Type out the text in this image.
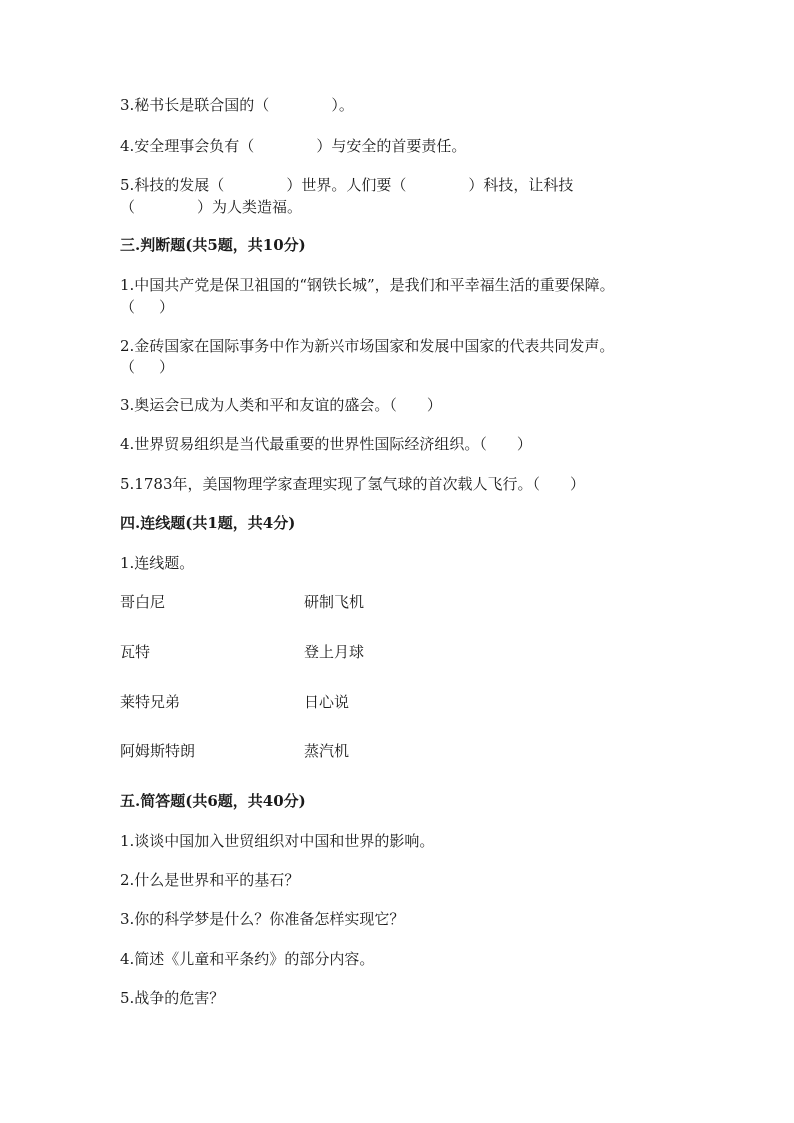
3.秘书长是联合国的（	）。
4.安全理事会负有（	）与安全的首要责任。
5.科技的发展（	）世界。人们要（	）科技，让科技
（	）为人类造福。
三.判断题(共5题，共10分)
1.中国共产党是保卫祖国的“钢铁长城”，是我们和平幸福生活的重要保障。
（ ）
2.金砖国家在国际事务中作为新兴市场国家和发展中国家的代表共同发声。
（ ）
3.奥运会已成为人类和平和友谊的盛会。（ ）
4.世界贸易组织是当代最重要的世界性国际经济组织。（ ）
5.1783年，美国物理学家查理实现了氢气球的首次载人飞行。（ ）
四.连线题(共1题，共4分)
1.连线题。
哥白尼	研制飞机
瓦特	登上月球
莱特兄弟	日心说
阿姆斯特朗	蒸汽机
五.简答题(共6题，共40分)
1.谈谈中国加入世贸组织对中国和世界的影响。
2.什么是世界和平的基石？
3.你的科学梦是什么？你准备怎样实现它？
4.简述《儿童和平条约》的部分内容。
5.战争的危害？
